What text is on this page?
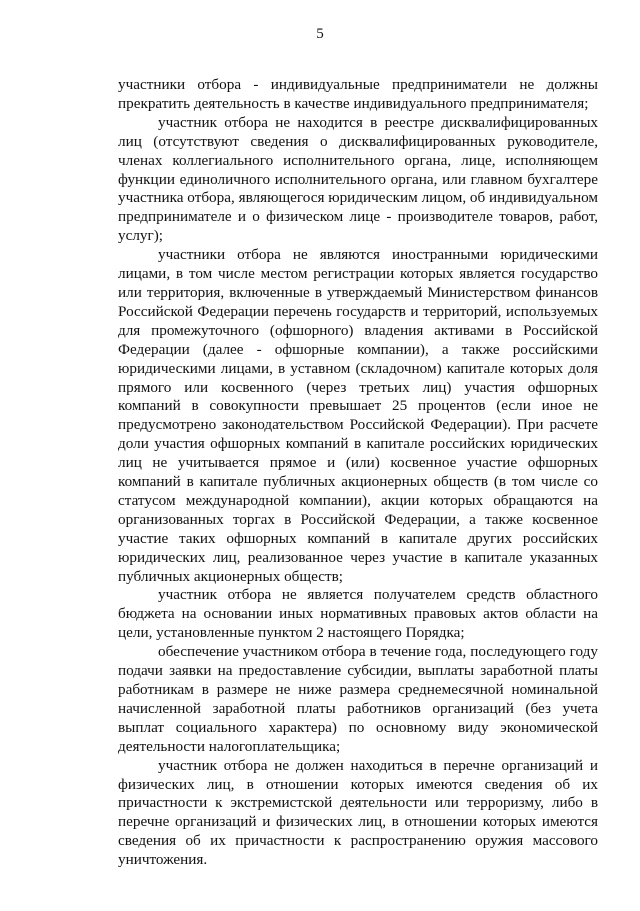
5

участники отбора - индивидуальные предприниматели не должны прекратить деятельность в качестве индивидуального предпринимателя;

участник отбора не находится в реестре дисквалифицированных лиц (отсутствуют сведения о дисквалифицированных руководителе, членах коллегиального исполнительного органа, лице, исполняющем функции единоличного исполнительного органа, или главном бухгалтере участника отбора, являющегося юридическим лицом, об индивидуальном предпринимателе и о физическом лице - производителе товаров, работ, услуг);

участники отбора не являются иностранными юридическими лицами, в том числе местом регистрации которых является государство или территория, включенные в утверждаемый Министерством финансов Российской Федерации перечень государств и территорий, используемых для промежуточного (офшорного) владения активами в Российской Федерации (далее - офшорные компании), а также российскими юридическими лицами, в уставном (складочном) капитале которых доля прямого или косвенного (через третьих лиц) участия офшорных компаний в совокупности превышает 25 процентов (если иное не предусмотрено законодательством Российской Федерации). При расчете доли участия офшорных компаний в капитале российских юридических лиц не учитывается прямое и (или) косвенное участие офшорных компаний в капитале публичных акционерных обществ (в том числе со статусом международной компании), акции которых обращаются на организованных торгах в Российской Федерации, а также косвенное участие таких офшорных компаний в капитале других российских юридических лиц, реализованное через участие в капитале указанных публичных акционерных обществ;

участник отбора не является получателем средств областного бюджета на основании иных нормативных правовых актов области на цели, установленные пунктом 2 настоящего Порядка;

обеспечение участником отбора в течение года, последующего году подачи заявки на предоставление субсидии, выплаты заработной платы работникам в размере не ниже размера среднемесячной номинальной начисленной заработной платы работников организаций (без учета выплат социального характера) по основному виду экономической деятельности налогоплательщика;

участник отбора не должен находиться в перечне организаций и физических лиц, в отношении которых имеются сведения об их причастности к экстремистской деятельности или терроризму, либо в перечне организаций и физических лиц, в отношении которых имеются сведения об их причастности к распространению оружия массового уничтожения.
